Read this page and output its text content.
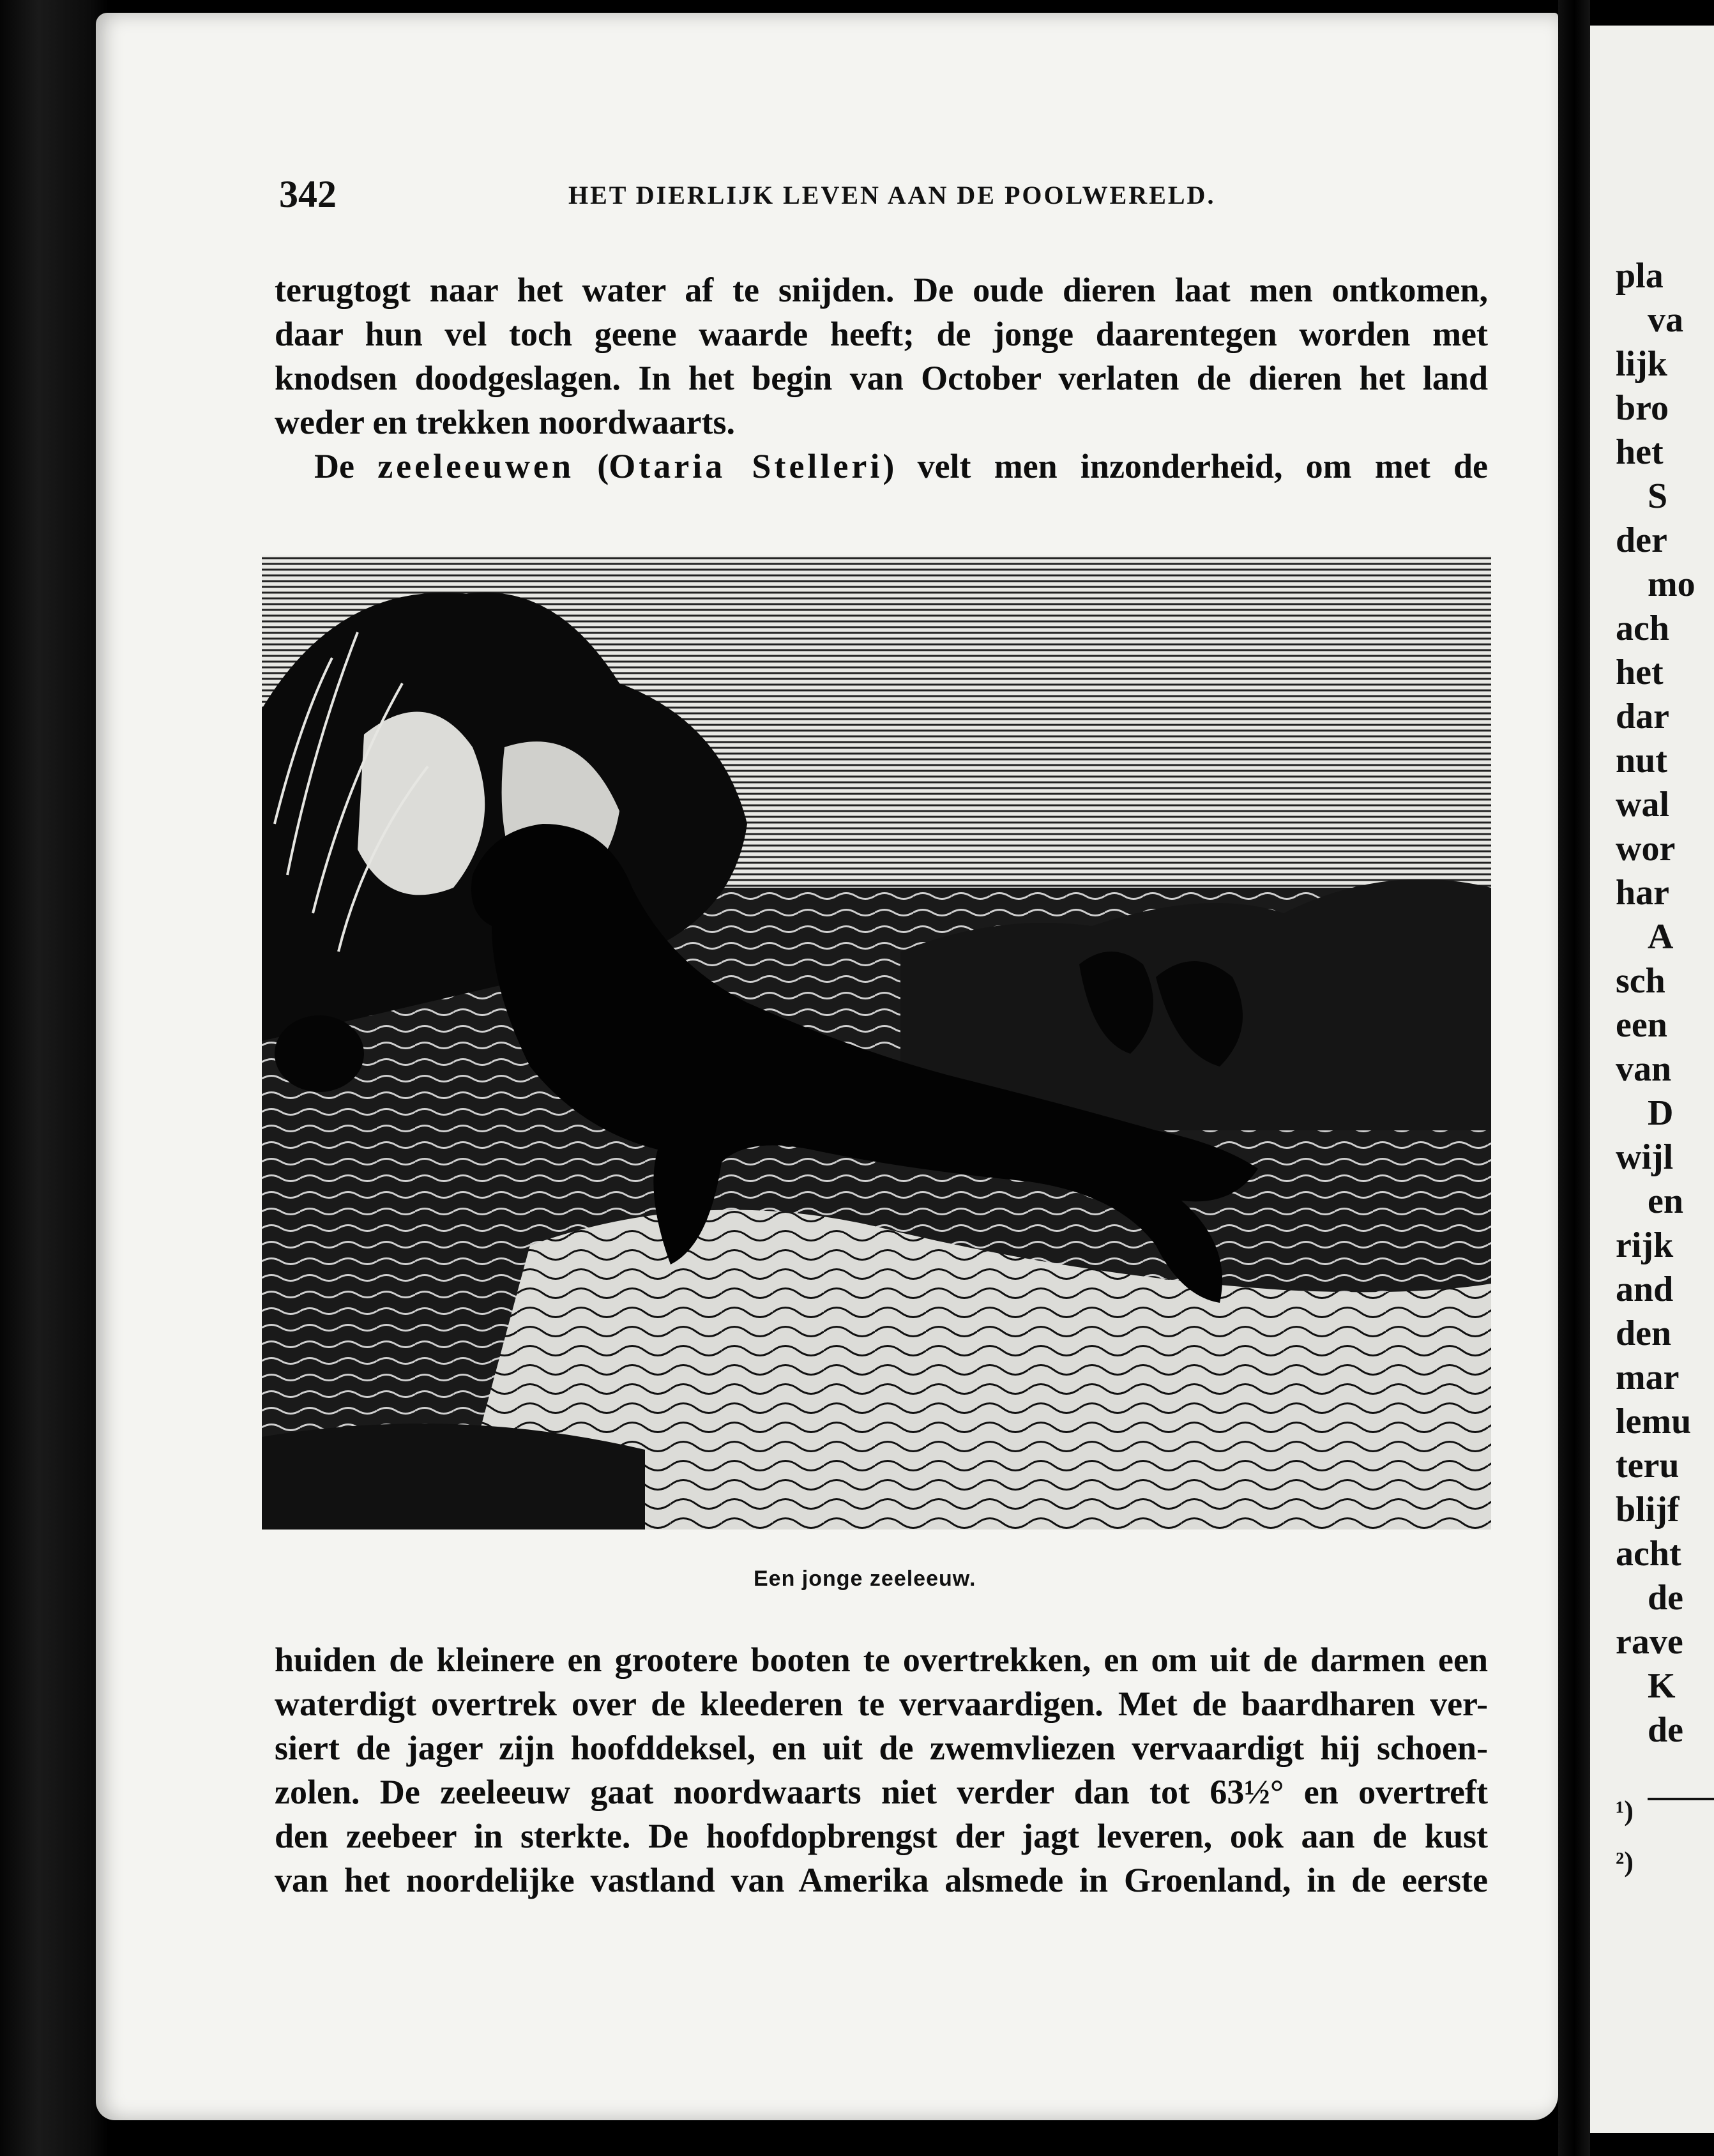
pla
va
lijk
bro
het
S
der
mo
ach
het
dar
nut
wal
wor
har
A
sch
een
van
D
wijl
en
rijk
and
den
mar
lemu
teru
blijf
acht
de
rave
K
de
¹)
²)
342	HET DIERLIJK LEVEN AAN DE POOLWERELD.
terugtogt naar het water af te snijden. De oude dieren laat men ontkomen,
daar hun vel toch geene waarde heeft; de jonge daarentegen worden met
knodsen doodgeslagen. In het begin van October verlaten de dieren het land
weder en trekken noordwaarts.
De zeeleeuwen (Otaria Stelleri) velt men inzonderheid, om met de
Een jonge zeeleeuw.
huiden de kleinere en grootere booten te overtrekken, en om uit de darmen een
waterdigt overtrek over de kleederen te vervaardigen. Met de baardharen ver-
siert de jager zijn hoofddeksel, en uit de zwemvliezen vervaardigt hij schoen-
zolen. De zeeleeuw gaat noordwaarts niet verder dan tot 63½° en overtreft
den zeebeer in sterkte. De hoofdopbrengst der jagt leveren, ook aan de kust
van het noordelijke vastland van Amerika alsmede in Groenland, in de eerste
